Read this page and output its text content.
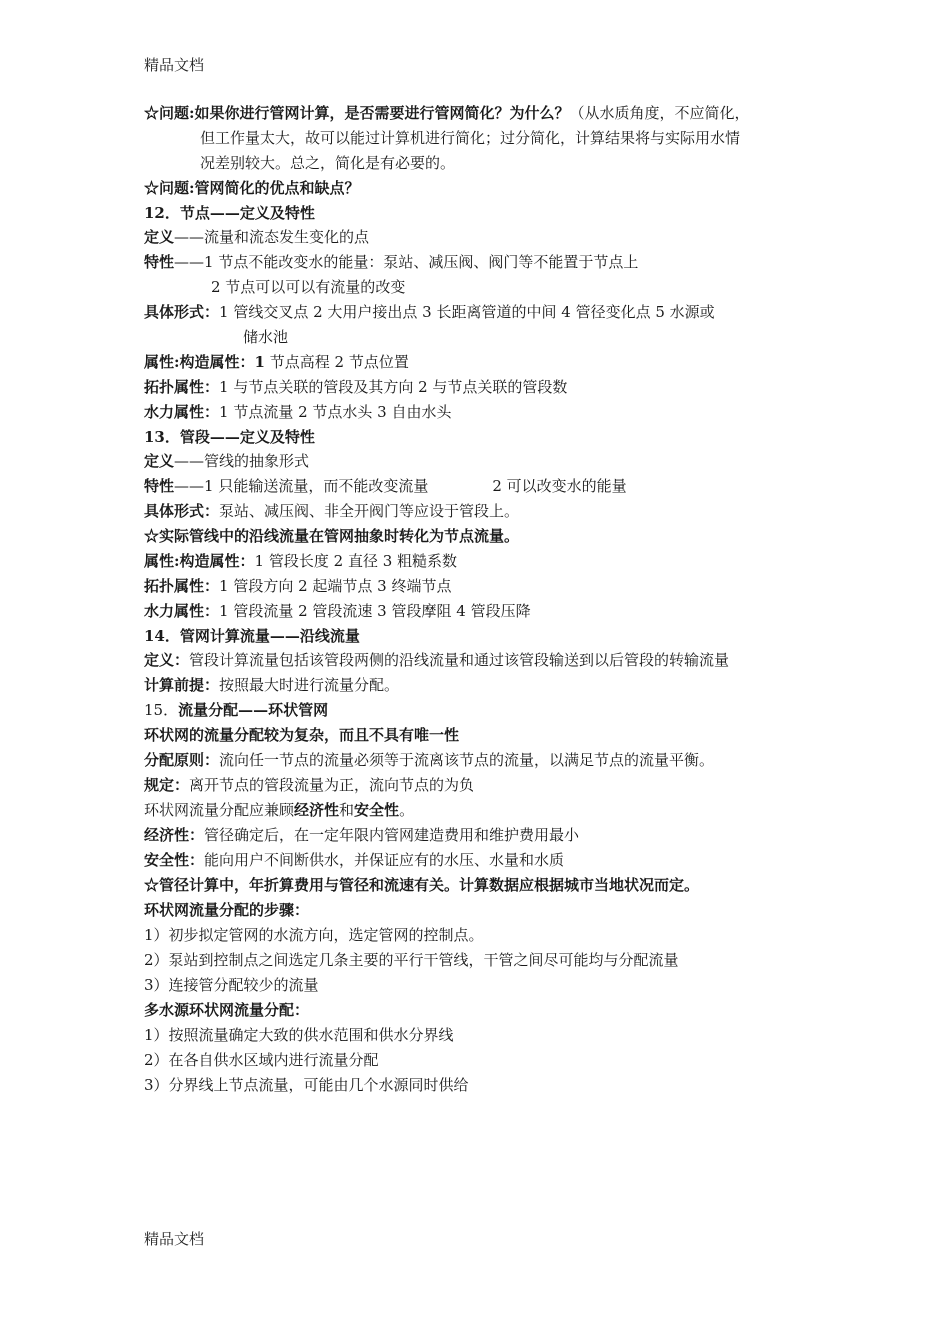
精品文档
☆问题:如果你进行管网计算，是否需要进行管网简化？为什么？（从水质角度，不应简化，
但工作量太大，故可以能过计算机进行简化；过分简化，计算结果将与实际用水情
况差别较大。总之，简化是有必要的。
☆问题:管网简化的优点和缺点？
12．节点——定义及特性
定义——流量和流态发生变化的点
特性——1 节点不能改变水的能量：泵站、减压阀、阀门等不能置于节点上
2 节点可以可以有流量的改变
具体形式：1 管线交叉点 2 大用户接出点 3 长距离管道的中间 4 管径变化点 5 水源或
储水池
属性:构造属性：1 节点高程 2 节点位置
拓扑属性：1 与节点关联的管段及其方向 2 与节点关联的管段数
水力属性：1 节点流量 2 节点水头 3 自由水头
13．管段——定义及特性
定义——管线的抽象形式
特性——1 只能输送流量，而不能改变流量	2 可以改变水的能量
具体形式：泵站、减压阀、非全开阀门等应设于管段上。
☆实际管线中的沿线流量在管网抽象时转化为节点流量。
属性:构造属性：1 管段长度 2 直径 3 粗糙系数
拓扑属性：1 管段方向 2 起端节点 3 终端节点
水力属性：1 管段流量 2 管段流速 3 管段摩阻 4 管段压降
14．管网计算流量——沿线流量
定义：管段计算流量包括该管段两侧的沿线流量和通过该管段输送到以后管段的转输流量
计算前提：按照最大时进行流量分配。
15．流量分配——环状管网
环状网的流量分配较为复杂，而且不具有唯一性
分配原则：流向任一节点的流量必须等于流离该节点的流量，以满足节点的流量平衡。
规定：离开节点的管段流量为正，流向节点的为负
环状网流量分配应兼顾经济性和安全性。
经济性：管径确定后，在一定年限内管网建造费用和维护费用最小
安全性：能向用户不间断供水，并保证应有的水压、水量和水质
☆管径计算中，年折算费用与管径和流速有关。计算数据应根据城市当地状况而定。
环状网流量分配的步骤：
1）初步拟定管网的水流方向，选定管网的控制点。
2）泵站到控制点之间选定几条主要的平行干管线，干管之间尽可能均与分配流量
3）连接管分配较少的流量
多水源环状网流量分配：
1）按照流量确定大致的供水范围和供水分界线
2）在各自供水区域内进行流量分配
3）分界线上节点流量，可能由几个水源同时供给
精品文档
